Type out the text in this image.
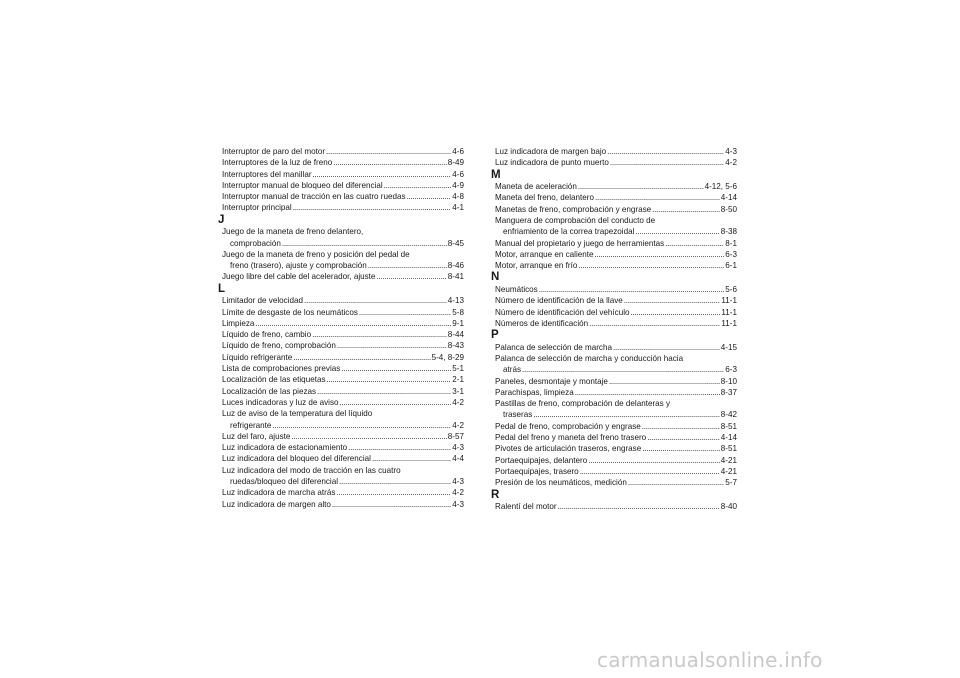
Interruptor de paro del motor . . .	4-6
Interruptores de la luz de freno . . .	8-49
Interruptores del manillar . . .	4-6
Interruptor manual de bloqueo del diferencial . . .	4-9
Interruptor manual de tracción en las cuatro ruedas . . .	4-8
Interruptor principal . . .	4-1
J
Juego de la maneta de freno delantero,
comprobación . . .	8-45
Juego de la maneta de freno y posición del pedal de
freno (trasero), ajuste y comprobación . . .	8-46
Juego libre del cable del acelerador, ajuste . . .	8-41
L
Limitador de velocidad . . .	4-13
Límite de desgaste de los neumáticos . . .	5-8
Limpieza . . .	9-1
Líquido de freno, cambio . . .	8-44
Líquido de freno, comprobación . . .	8-43
Líquido refrigerante . . .	5-4, 8-29
Lista de comprobaciones previas . . .	5-1
Localización de las etiquetas . . .	2-1
Localización de las piezas . . .	3-1
Luces indicadoras y luz de aviso . . .	4-2
Luz de aviso de la temperatura del líquido
refrigerante . . .	4-2
Luz del faro, ajuste . . .	8-57
Luz indicadora de estacionamiento . . .	4-3
Luz indicadora del bloqueo del diferencial . . .	4-4
Luz indicadora del modo de tracción en las cuatro
ruedas/bloqueo del diferencial . . .	4-3
Luz indicadora de marcha atrás . . .	4-2
Luz indicadora de margen alto . . .	4-3
Luz indicadora de margen bajo . . .	4-3
Luz indicadora de punto muerto . . .	4-2
M
Maneta de aceleración . . .	4-12, 5-6
Maneta del freno, delantero . . .	4-14
Manetas de freno, comprobación y engrase . . .	8-50
Manguera de comprobación del conducto de
enfriamiento de la correa trapezoidal . . .	8-38
Manual del propietario y juego de herramientas . . .	8-1
Motor, arranque en caliente . . .	6-3
Motor, arranque en frío . . .	6-1
N
Neumáticos . . .	5-6
Número de identificación de la llave . . .	11-1
Número de identificación del vehículo . . .	11-1
Números de identificación . . .	11-1
P
Palanca de selección de marcha . . .	4-15
Palanca de selección de marcha y conducción hacia
atrás . . .	6-3
Paneles, desmontaje y montaje . . .	8-10
Parachispas, limpieza . . .	8-37
Pastillas de freno, comprobación de delanteras y
traseras . . .	8-42
Pedal de freno, comprobación y engrase . . .	8-51
Pedal del freno y maneta del freno trasero . . .	4-14
Pivotes de articulación traseros, engrase . . .	8-51
Portaequipajes, delantero . . .	4-21
Portaequipajes, trasero . . .	4-21
Presión de los neumáticos, medición . . .	5-7
R
Ralentí del motor . . .	8-40
carmanualsonline.info
